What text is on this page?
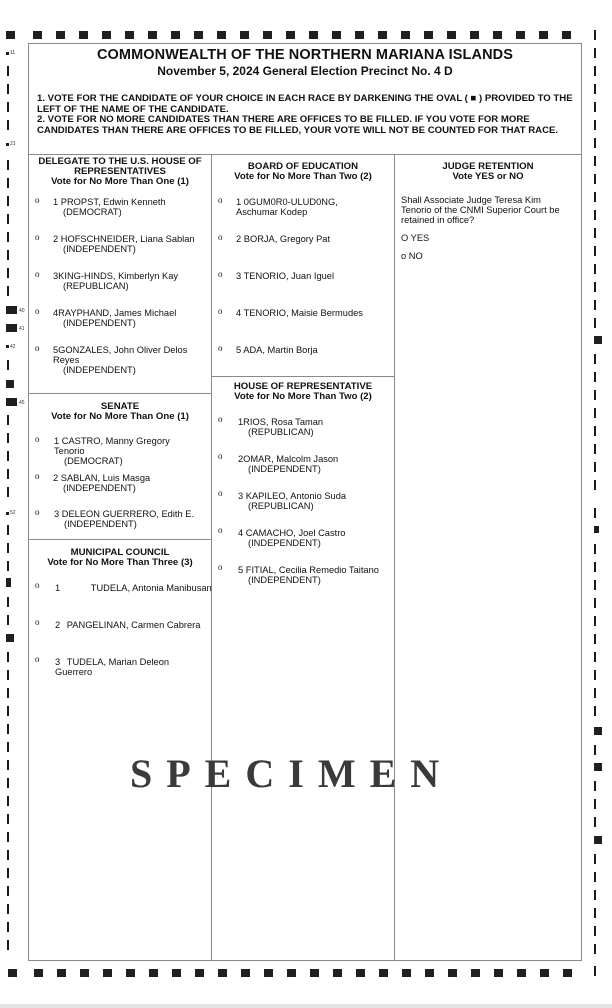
11
21
40
41
42
45
52
COMMONWEALTH OF THE NORTHERN MARIANA ISLANDS
November 5, 2024 General Election Precinct No. 4 D
1. VOTE FOR THE CANDIDATE OF YOUR CHOICE IN EACH RACE BY DARKENING THE OVAL ( ■ ) PROVIDED TO THE LEFT OF THE NAME OF THE CANDIDATE.
2. VOTE FOR NO MORE CANDIDATES THAN THERE ARE OFFICES TO BE FILLED. IF YOU VOTE FOR MORE CANDIDATES THAN THERE ARE OFFICES TO BE FILLED, YOUR VOTE WILL NOT BE COUNTED FOR THAT RACE.
DELEGATE TO THE U.S. HOUSE OF REPRESENTATIVES
Vote for No More Than One (1)
o 1 PROPST, Edwin Kenneth
(DEMOCRAT)
o 2 HOFSCHNEIDER, Liana Sablan
(INDEPENDENT)
o 3KING-HINDS, Kimberlyn Kay
(REPUBLICAN)
o 4RAYPHAND, James Michael
(INDEPENDENT)
o 5GONZALES, John Oliver Delos Reyes
(INDEPENDENT)
SENATE
Vote for No More Than One (1)
o 1 CASTRO, Manny Gregory Tenorio
(DEMOCRAT)
o 2 SABLAN, Luis Masga
(INDEPENDENT)
o 3 DELEON GUERRERO, Edith E.
(INDEPENDENT)
MUNICIPAL COUNCIL
Vote for No More Than Three (3)
o 1	TUDELA, Antonia Manibusan
o 2 PANGELINAN, Carmen Cabrera
o 3 TUDELA, Marian Deleon Guerrero
BOARD OF EDUCATION
Vote for No More Than Two (2)
o 1 0GUM0R0-ULUD0NG, Aschumar Kodep
o 2 BORJA, Gregory Pat
o 3 TENORIO, Juan Iguel
o 4 TENORIO, Maisie Bermudes
o 5 ADA, Martin Borja
HOUSE OF REPRESENTATIVE
Vote for No More Than Two (2)
o 1RIOS, Rosa Taman
(REPUBLICAN)
o 2OMAR, Malcolm Jason
(INDEPENDENT)
o 3 KAPILEO, Antonio Suda
(REPUBLICAN)
o 4 CAMACHO, Joel Castro
(INDEPENDENT)
o 5 FITIAL, Cecilia Remedio Taitano
(INDEPENDENT)
JUDGE RETENTION
Vote YES or NO
Shall Associate Judge Teresa Kim Tenorio of the CNMI Superior Court be retained in office?
O YES
o NO
SPECIMEN
